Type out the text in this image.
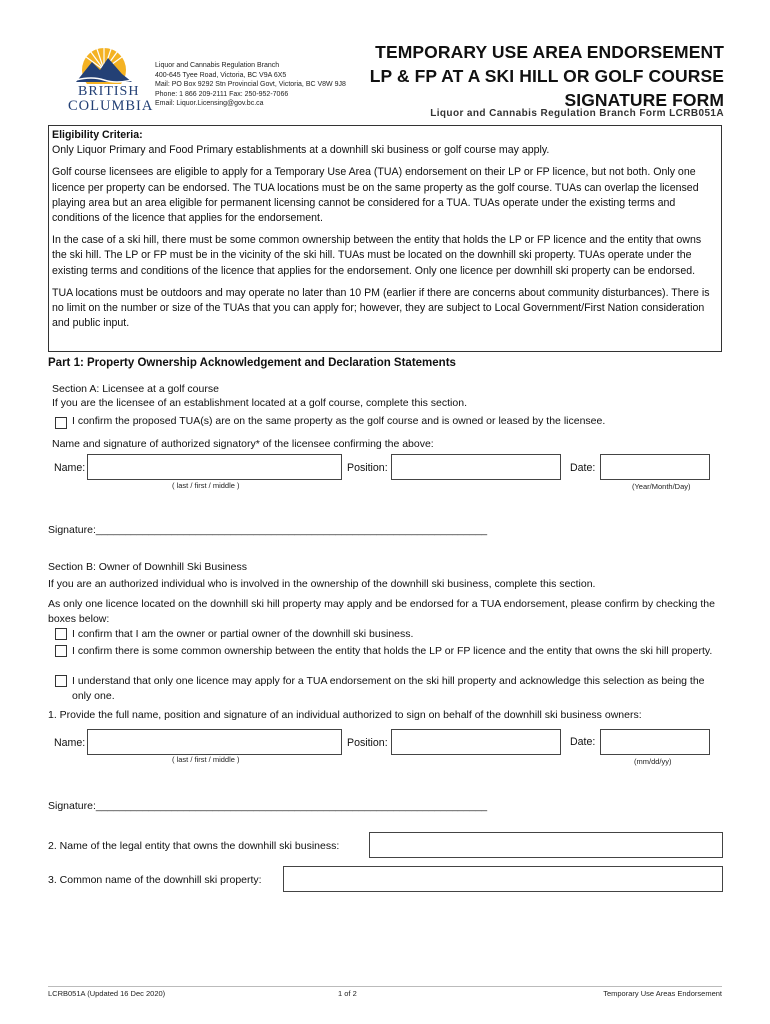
BRITISH
COLUMBIA
Liquor and Cannabis Regulation Branch
400-645 Tyee Road, Victoria, BC V9A 6X5
Mail: PO Box 9292 Stn Provincial Govt, Victoria, BC V8W 9J8
Phone: 1 866 209-2111 Fax: 250-952-7066
Email: Liquor.Licensing@gov.bc.ca
TEMPORARY USE AREA ENDORSEMENT
LP & FP AT A SKI HILL OR GOLF COURSE
SIGNATURE FORM
Liquor and Cannabis Regulation Branch Form LCRB051A

Eligibility Criteria:

Only Liquor Primary and Food Primary establishments at a downhill ski business or golf course may apply.

Golf course licensees are eligible to apply for a Temporary Use Area (TUA) endorsement on their LP or FP licence, but not both. Only one licence per property can be endorsed. The TUA locations must be on the same property as the golf course. TUAs can overlap the licensed playing area but an area eligible for permanent licensing cannot be considered for a TUA. TUAs operate under the existing terms and conditions of the licence that applies for the endorsement.

In the case of a ski hill, there must be some common ownership between the entity that holds the LP or FP licence and the entity that owns the ski hill. The LP or FP must be in the vicinity of the ski hill. TUAs must be located on the downhill ski property. TUAs operate under the existing terms and conditions of the licence that applies for the endorsement. Only one licence per downhill ski property can be endorsed.

TUA locations must be outdoors and may operate no later than 10 PM (earlier if there are concerns about community disturbances). There is no limit on the number or size of the TUAs that you can apply for; however, they are subject to Local Government/First Nation consideration and public input.

Part 1: Property Ownership Acknowledgement and Declaration Statements
Section A: Licensee at a golf course
If you are the licensee of an establishment located at a golf course, complete this section.
I confirm the proposed TUA(s) are on the same property as the golf course and is owned or leased by the licensee.
Name and signature of authorized signatory* of the licensee confirming the above:
Name:
( last / first / middle )
Position:	Date:
(Year/Month/Day)
Signature:___________________________________________________________________
Section B: Owner of Downhill Ski Business
If you are an authorized individual who is involved in the ownership of the downhill ski business, complete this section.
As only one licence located on the downhill ski hill property may apply and be endorsed for a TUA endorsement, please confirm by checking the boxes below:
I confirm that I am the owner or partial owner of the downhill ski business.
I confirm there is some common ownership between the entity that holds the LP or FP licence and the entity that owns the ski hill property.
I understand that only one licence may apply for a TUA endorsement on the ski hill property and acknowledge this selection as being the only one.
1. Provide the full name, position and signature of an individual authorized to sign on behalf of the downhill ski business owners:
Name:
( last / first / middle )
Position:	Date:
(mm/dd/yy)
Signature:___________________________________________________________________
2. Name of the legal entity that owns the downhill ski business:
3. Common name of the downhill ski property:
LCRB051A (Updated 16 Dec 2020)	1 of 2	Temporary Use Areas Endorsement
